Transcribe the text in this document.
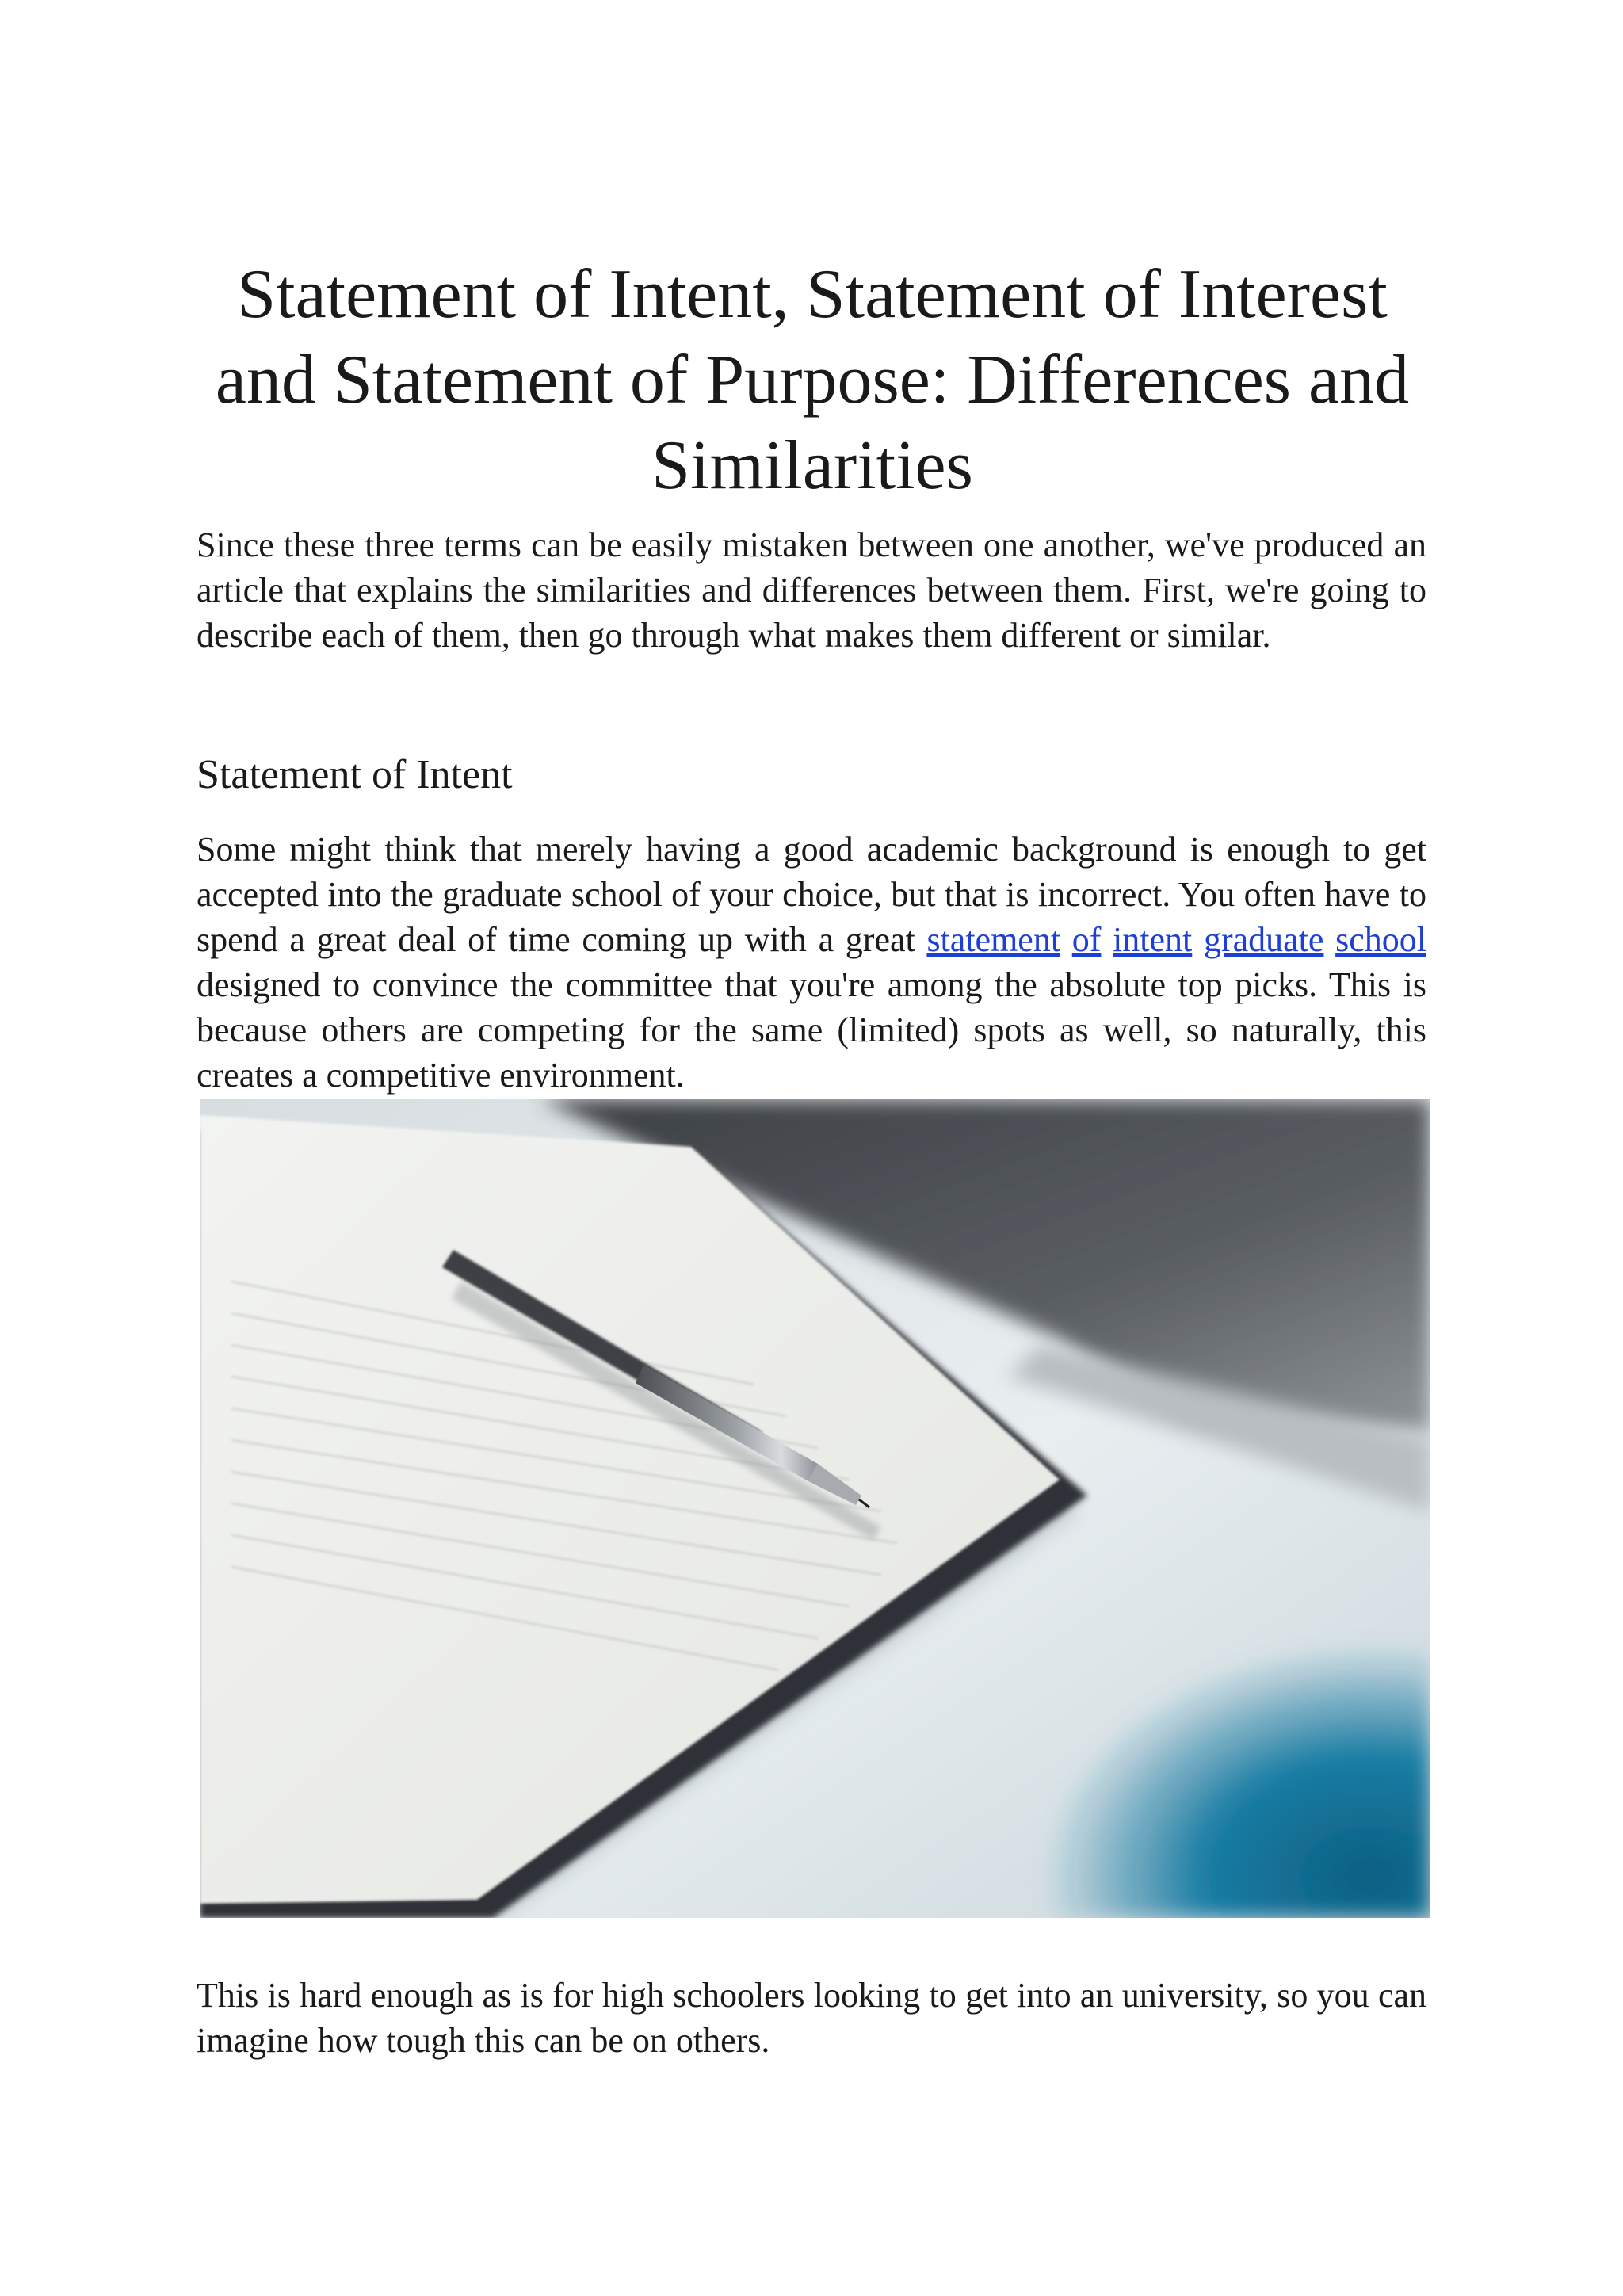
Statement of Intent, Statement of Interest and Statement of Purpose: Differences and Similarities

Since these three terms can be easily mistaken between one another, we've produced an article that explains the similarities and differences between them. First, we're going to describe each of them, then go through what makes them different or similar.

Statement of Intent

Some might think that merely having a good academic background is enough to get accepted into the graduate school of your choice, but that is incorrect. You often have to spend a great deal of time coming up with a great statement of intent graduate school designed to convince the committee that you're among the absolute top picks. This is because others are competing for the same (limited) spots as well, so naturally, this creates a competitive environment.

This is hard enough as is for high schoolers looking to get into an university, so you can imagine how tough this can be on others.
